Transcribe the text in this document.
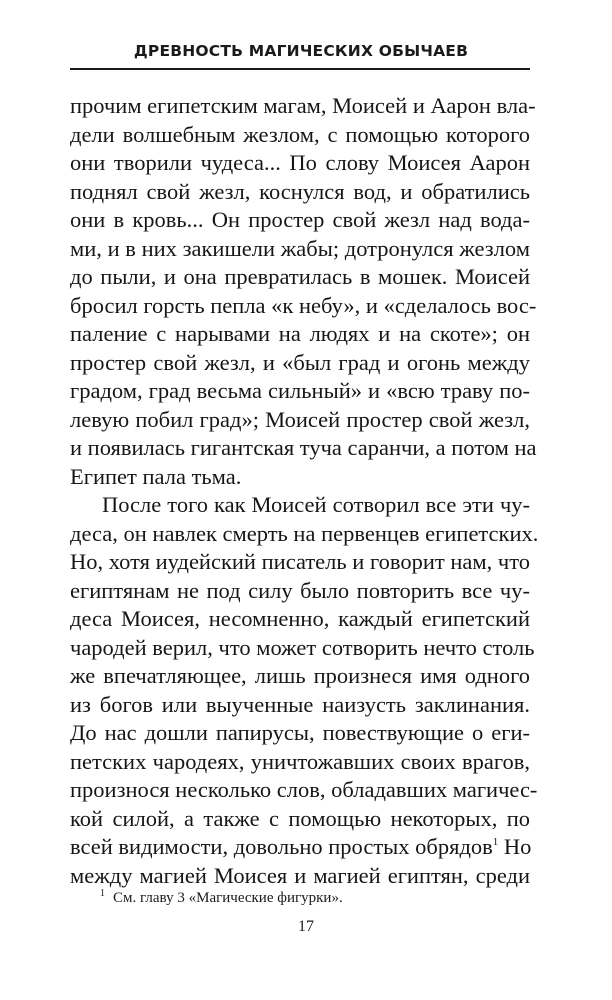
ДРЕВНОСТЬ МАГИЧЕСКИХ ОБЫЧАЕВ
прочим египетским магам, Моисей и Аарон вла-
дели волшебным жезлом, с помощью которого
они творили чудеса... По слову Моисея Аарон
поднял свой жезл, коснулся вод, и обратились
они в кровь... Он простер свой жезл над вода-
ми, и в них закишели жабы; дотронулся жезлом
до пыли, и она превратилась в мошек. Моисей
бросил горсть пепла «к небу», и «сделалось вос-
паление с нарывами на людях и на скоте»; он
простер свой жезл, и «был град и огонь между
градом, град весьма сильный» и «всю траву по-
левую побил град»; Моисей простер свой жезл,
и появилась гигантская туча саранчи, а потом на
Египет пала тьма.
После того как Моисей сотворил все эти чу-
деса, он навлек смерть на первенцев египетских.
Но, хотя иудейский писатель и говорит нам, что
египтянам не под силу было повторить все чу-
деса Моисея, несомненно, каждый египетский
чародей верил, что может сотворить нечто столь
же впечатляющее, лишь произнеся имя одного
из богов или выученные наизусть заклинания.
До нас дошли папирусы, повествующие о еги-
петских чародеях, уничтожавших своих врагов,
произнося несколько слов, обладавших магичес-
кой силой, а также с помощью некоторых, по
всей видимости, довольно простых обрядов$^1$ Но
между магией Моисея и магией египтян, среди
$^1$ См. главу 3 «Магические фигурки».
17
